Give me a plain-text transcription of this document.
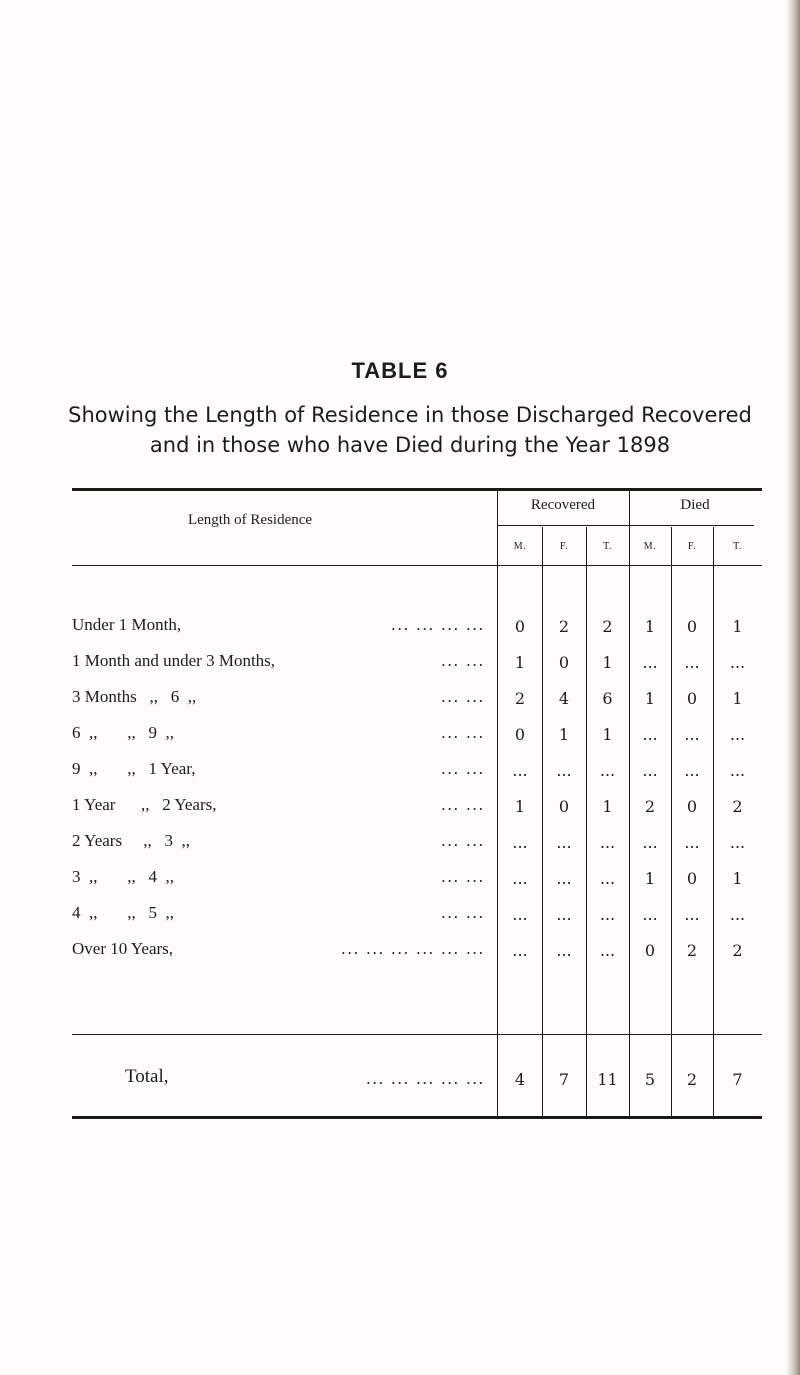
TABLE 6
Showing the Length of Residence in those Discharged Recovered
and in those who have Died during the Year 1898
Length of Residence
Recovered	Died
M.	F.	T.	M.	F.	T.
Under 1 Month,	... ... ... ...	0	2	2	1	0	1
1 Month and under 3 Months,	... ...	1	0	1	...	...	...
3 Months   ,,   6  ,,	... ...	2	4	6	1	0	1
6  ,,       ,,   9  ,,	... ...	0	1	1	...	...	...
9  ,,       ,,   1 Year,	... ...	...	...	...	...	...	...
1 Year      ,,   2 Years,	... ...	1	0	1	2	0	2
2 Years     ,,   3  ,,	... ...	...	...	...	...	...	...
3  ,,       ,,   4  ,,	... ...	...	...	...	1	0	1
4  ,,       ,,   5  ,,	... ...	...	...	...	...	...	...
Over 10 Years,	... ... ... ... ... ...	...	...	...	0	2	2
Total,	... ... ... ... ...	4	7	11	5	2	7
